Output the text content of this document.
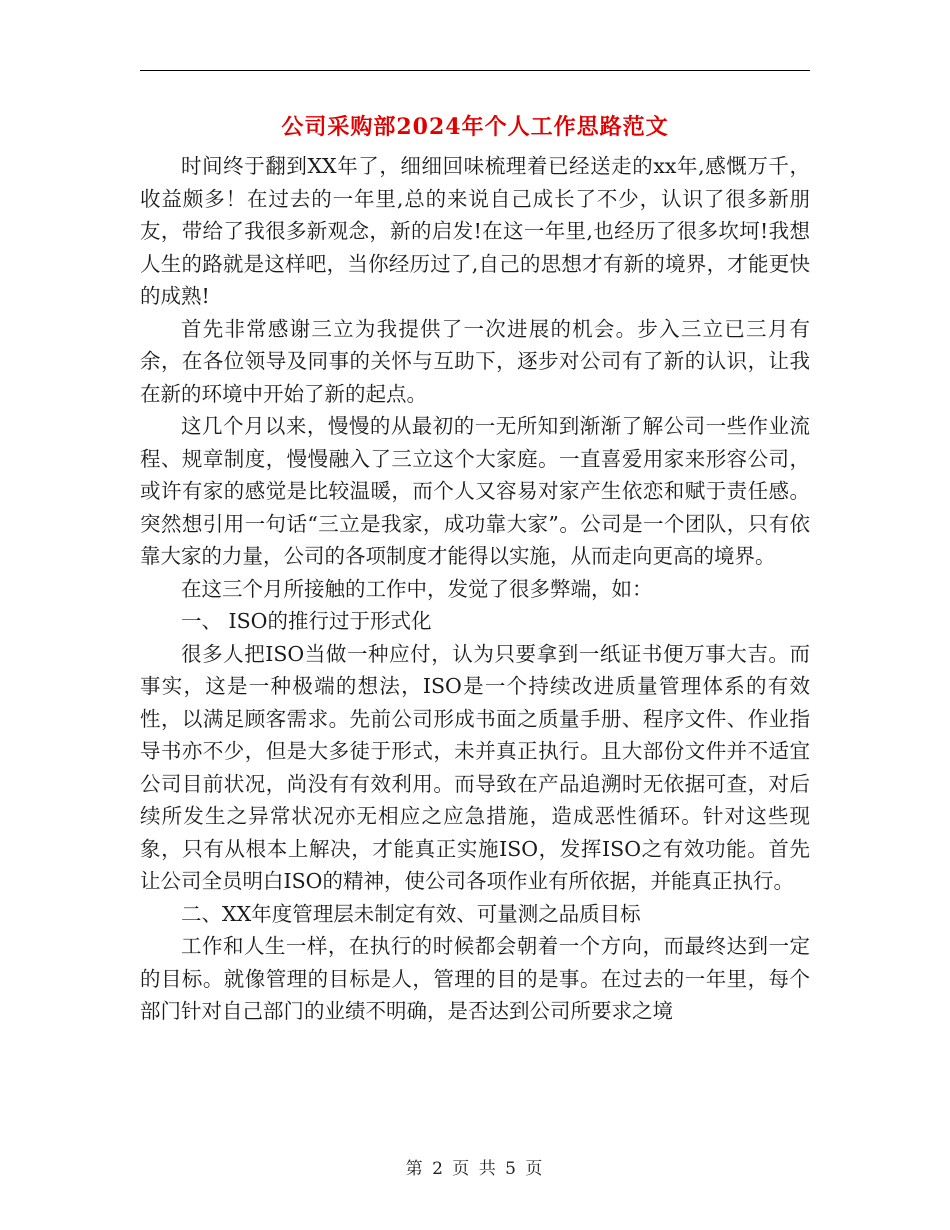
公司采购部2024年个人工作思路范文

时间终于翻到XX年了，细细回味梳理着已经送走的xx年,感慨万千，收益颇多！在过去的一年里,总的来说自己成长了不少，认识了很多新朋友，带给了我很多新观念，新的启发!在这一年里,也经历了很多坎坷!我想人生的路就是这样吧，当你经历过了,自己的思想才有新的境界，才能更快的成熟!

首先非常感谢三立为我提供了一次进展的机会。步入三立已三月有余，在各位领导及同事的关怀与互助下，逐步对公司有了新的认识，让我在新的环境中开始了新的起点。

这几个月以来，慢慢的从最初的一无所知到渐渐了解公司一些作业流程、规章制度，慢慢融入了三立这个大家庭。一直喜爱用家来形容公司，或许有家的感觉是比较温暖，而个人又容易对家产生依恋和赋于责任感。突然想引用一句话“三立是我家，成功靠大家”。公司是一个团队，只有依靠大家的力量，公司的各项制度才能得以实施，从而走向更高的境界。

在这三个月所接触的工作中，发觉了很多弊端，如：

一、 ISO的推行过于形式化

很多人把ISO当做一种应付，认为只要拿到一纸证书便万事大吉。而事实，这是一种极端的想法，ISO是一个持续改进质量管理体系的有效性，以满足顾客需求。先前公司形成书面之质量手册、程序文件、作业指导书亦不少，但是大多徒于形式，未并真正执行。且大部份文件并不适宜公司目前状况，尚没有有效利用。而导致在产品追溯时无依据可查，对后续所发生之异常状况亦无相应之应急措施，造成恶性循环。针对这些现象，只有从根本上解决，才能真正实施ISO，发挥ISO之有效功能。首先让公司全员明白ISO的精神，使公司各项作业有所依据，并能真正执行。

二、XX年度管理层未制定有效、可量测之品质目标

工作和人生一样，在执行的时候都会朝着一个方向，而最终达到一定的目标。就像管理的目标是人，管理的目的是事。在过去的一年里，每个部门针对自己部门的业绩不明确，是否达到公司所要求之境

第 2 页 共 5 页
